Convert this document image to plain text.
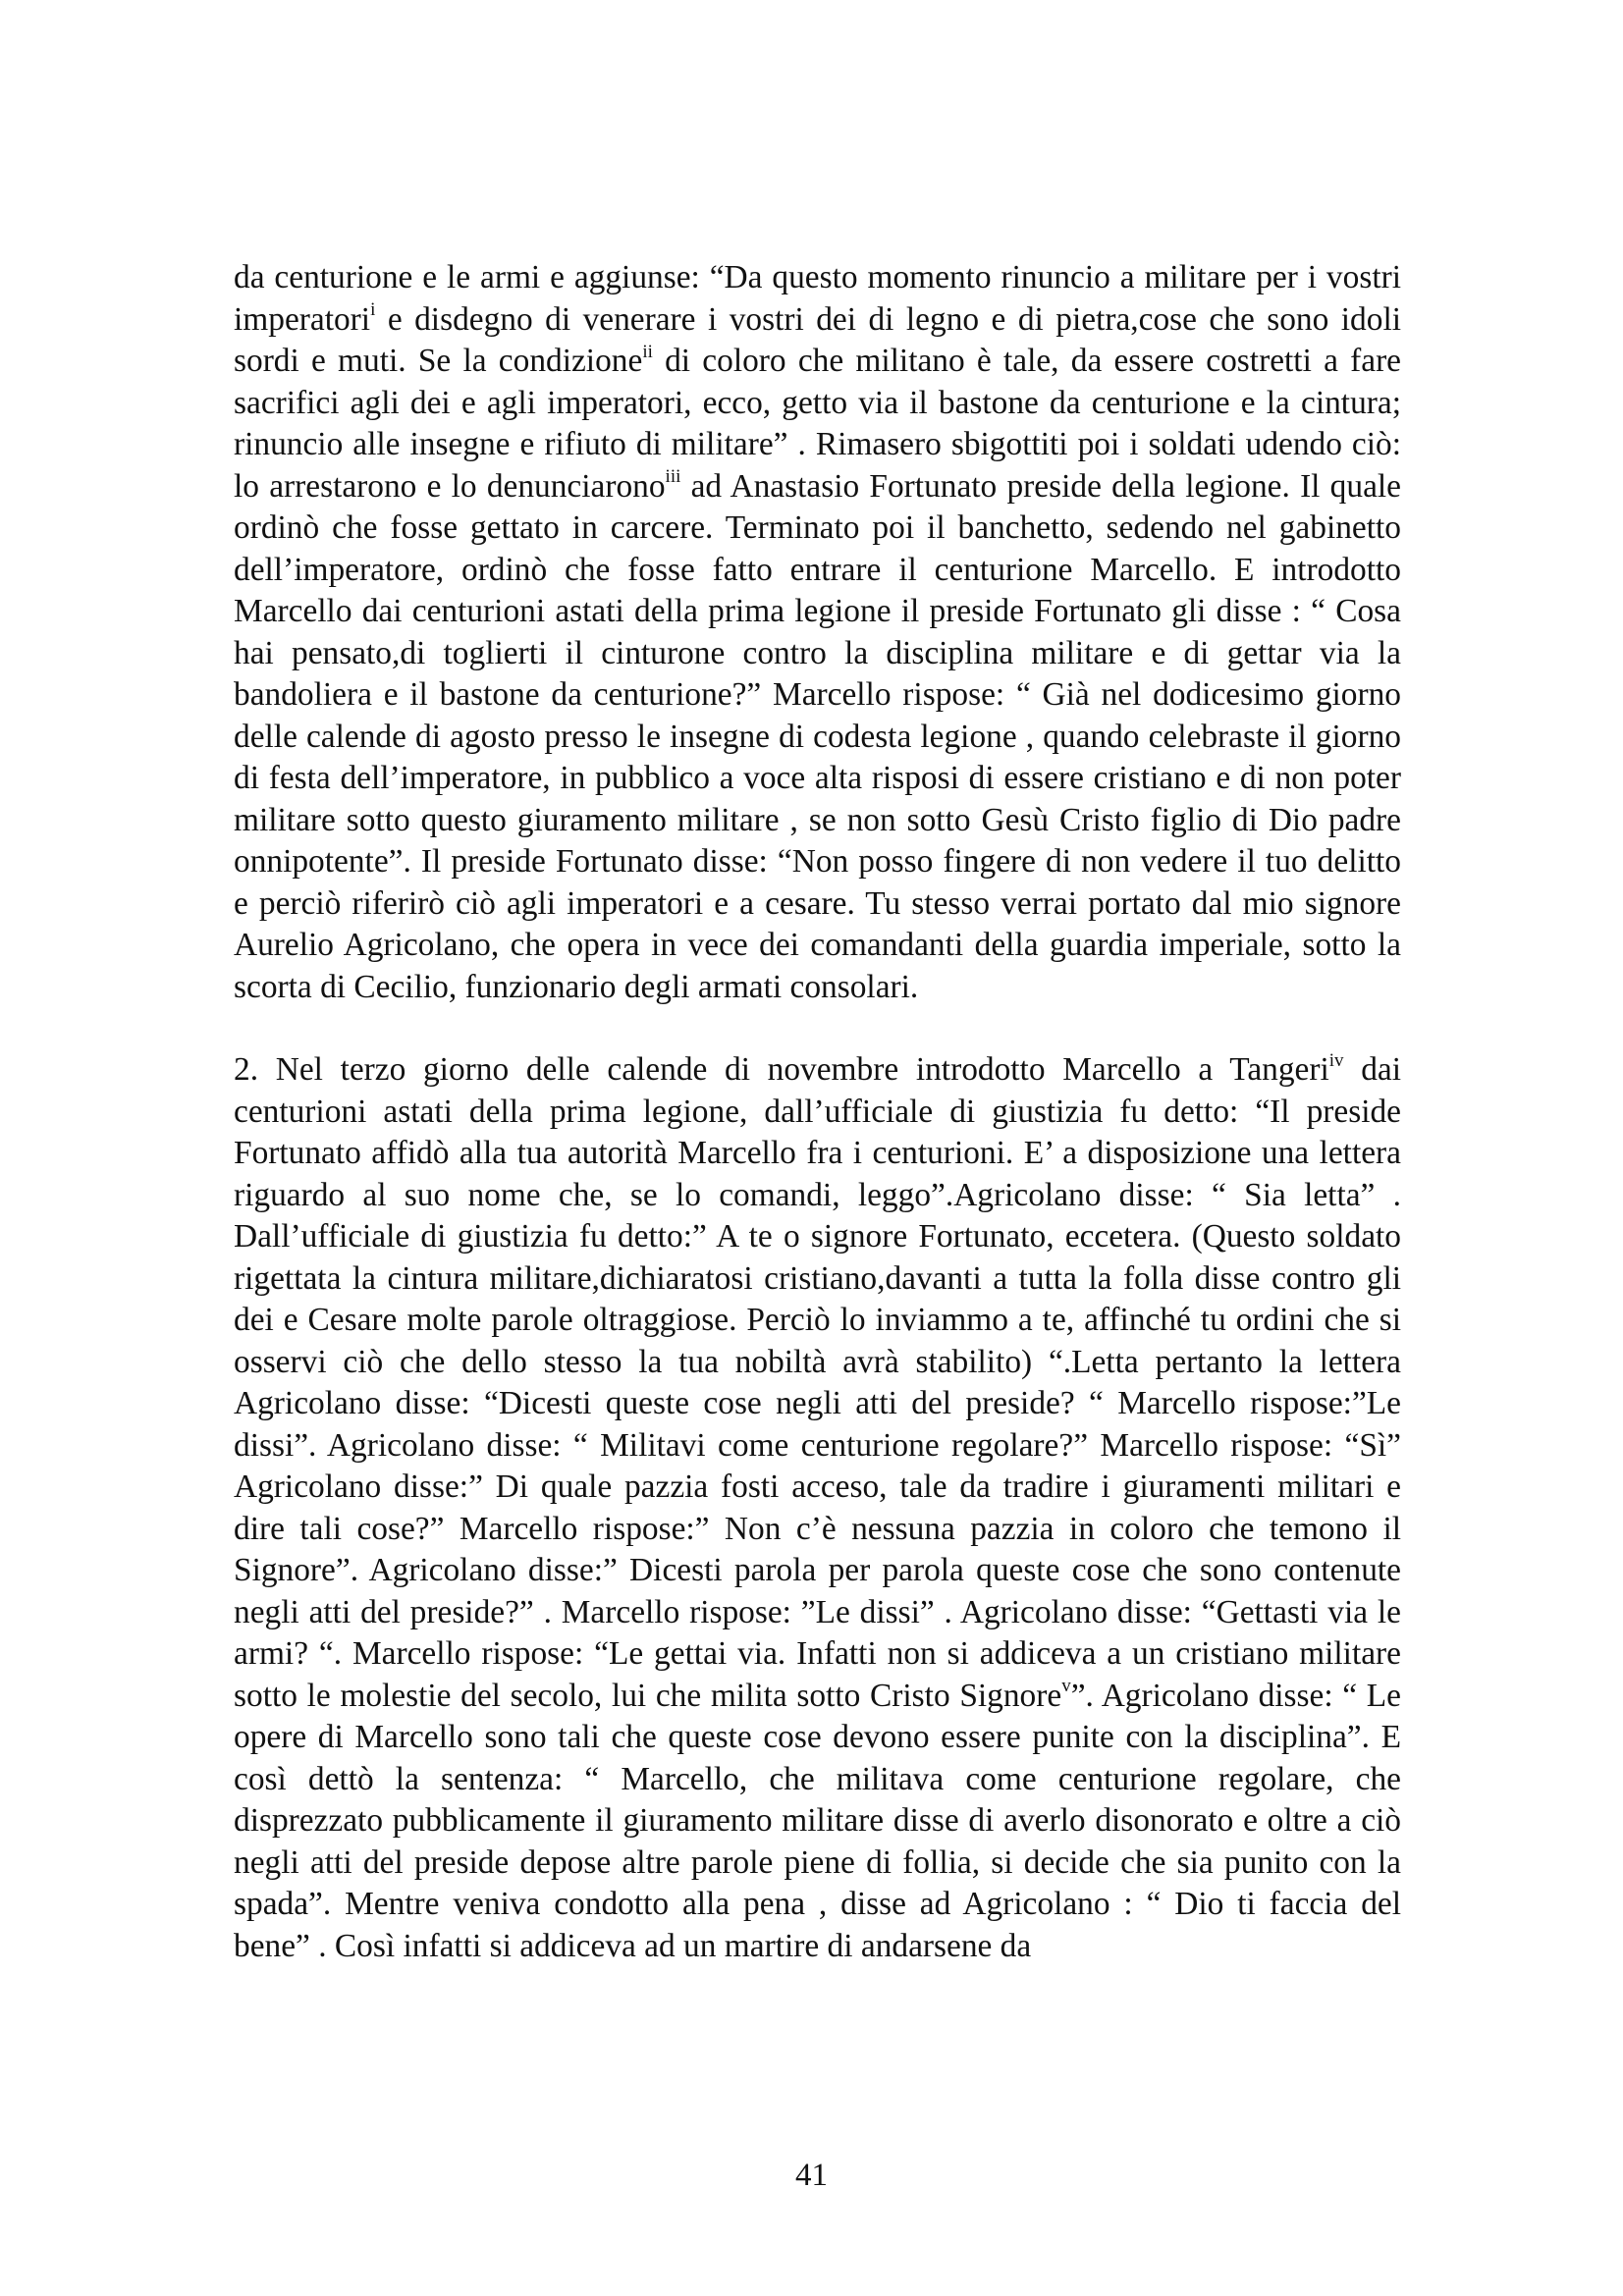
da centurione e le armi e aggiunse: “Da questo momento rinuncio a militare per i vostri imperatori$^i$ e disdegno di venerare i vostri dei di legno e di pietra,cose che sono idoli sordi e muti. Se la condizione$^{ii}$ di coloro che militano è tale, da essere costretti a fare sacrifici agli dei e agli imperatori, ecco, getto via il bastone da centurione e la cintura; rinuncio alle insegne e rifiuto di militare” . Rimasero sbigottiti poi i soldati udendo ciò: lo arrestarono e lo denunciarono$^{iii}$ ad Anastasio Fortunato preside della legione. Il quale ordinò che fosse gettato in carcere. Terminato poi il banchetto, sedendo nel gabinetto dell’imperatore, ordinò che fosse fatto entrare il centurione Marcello. E introdotto Marcello dai centurioni astati della prima legione il preside Fortunato gli disse : “ Cosa hai pensato,di toglierti il cinturone contro la disciplina militare e di gettar via la bandoliera e il bastone da centurione?” Marcello rispose: “ Già nel dodicesimo giorno delle calende di agosto presso le insegne di codesta legione , quando celebraste il giorno di festa dell’imperatore, in pubblico a voce alta risposi di essere cristiano e di non poter militare sotto questo giuramento militare , se non sotto Gesù Cristo figlio di Dio padre onnipotente”. Il preside Fortunato disse: “Non posso fingere di non vedere il tuo delitto e perciò riferirò ciò agli imperatori e a cesare. Tu stesso verrai portato dal mio signore Aurelio Agricolano, che opera in vece dei comandanti della guardia imperiale, sotto la scorta di Cecilio, funzionario degli armati consolari.

2. Nel terzo giorno delle calende di novembre introdotto Marcello a Tangeri$^{iv}$ dai centurioni astati della prima legione, dall’ufficiale di giustizia fu detto: “Il preside Fortunato affidò alla tua autorità Marcello fra i centurioni. E’ a disposizione una lettera riguardo al suo nome che, se lo comandi, leggo”.Agricolano disse: “ Sia letta” . Dall’ufficiale di giustizia fu detto:” A te o signore Fortunato, eccetera. (Questo soldato rigettata la cintura militare,dichiaratosi cristiano,davanti a tutta la folla disse contro gli dei e Cesare molte parole oltraggiose. Perciò lo inviammo a te, affinché tu ordini che si osservi ciò che dello stesso la tua nobiltà avrà stabilito) “.Letta pertanto la lettera Agricolano disse: “Dicesti queste cose negli atti del preside? “ Marcello rispose:”Le dissi”. Agricolano disse: “ Militavi come centurione regolare?” Marcello rispose: “Sì” Agricolano disse:” Di quale pazzia fosti acceso, tale da tradire i giuramenti militari e dire tali cose?” Marcello rispose:” Non c’è nessuna pazzia in coloro che temono il Signore”. Agricolano disse:” Dicesti parola per parola queste cose che sono contenute negli atti del preside?” . Marcello rispose: ”Le dissi” . Agricolano disse: “Gettasti via le armi? “. Marcello rispose: “Le gettai via. Infatti non si addiceva a un cristiano militare sotto le molestie del secolo, lui che milita sotto Cristo Signore$^v$”. Agricolano disse: “ Le opere di Marcello sono tali che queste cose devono essere punite con la disciplina”. E così dettò la sentenza: “ Marcello, che militava come centurione regolare, che disprezzato pubblicamente il giuramento militare disse di averlo disonorato e oltre a ciò negli atti del preside depose altre parole piene di follia, si decide che sia punito con la spada”. Mentre veniva condotto alla pena , disse ad Agricolano : “ Dio ti faccia del bene” . Così infatti si addiceva ad un martire di andarsene da

41
